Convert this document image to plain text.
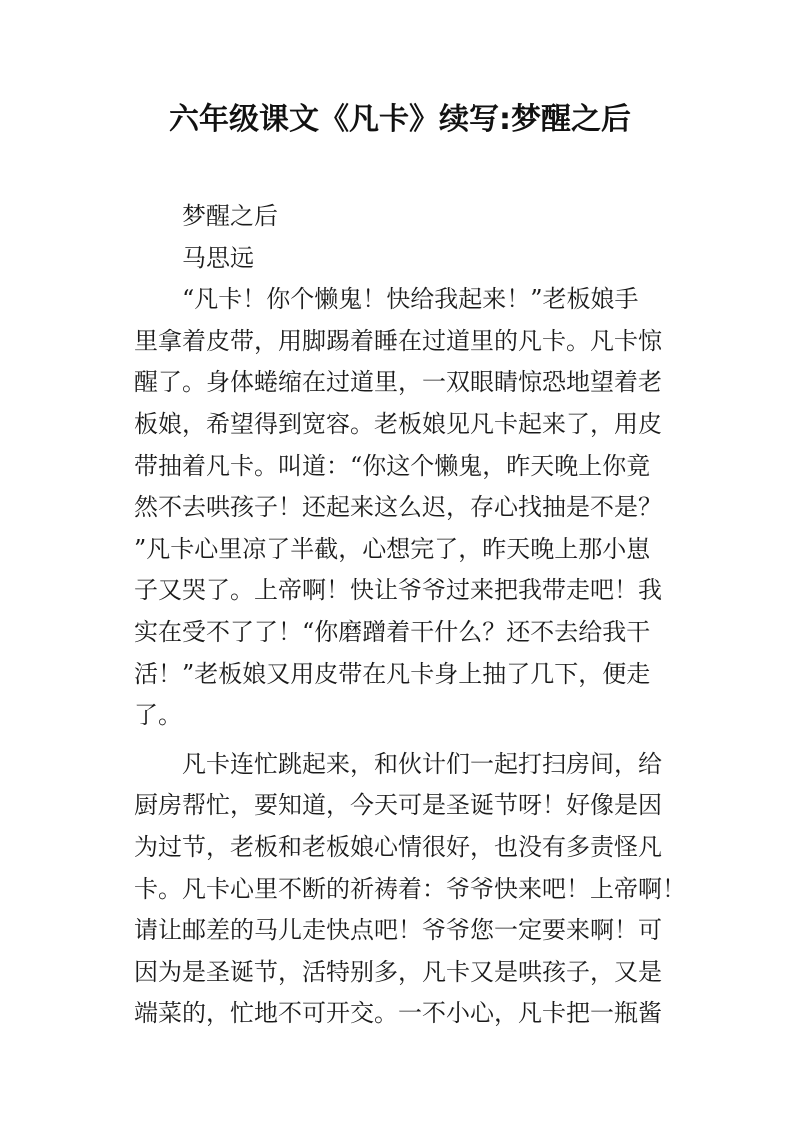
六年级课文《凡卡》续写:梦醒之后
梦醒之后
马思远
“凡卡！你个懒鬼！快给我起来！”老板娘手
里拿着皮带，用脚踢着睡在过道里的凡卡。凡卡惊
醒了。身体蜷缩在过道里，一双眼睛惊恐地望着老
板娘，希望得到宽容。老板娘见凡卡起来了，用皮
带抽着凡卡。叫道：“你这个懒鬼，昨天晚上你竟
然不去哄孩子！还起来这么迟，存心找抽是不是？
”凡卡心里凉了半截，心想完了，昨天晚上那小崽
子又哭了。上帝啊！快让爷爷过来把我带走吧！我
实在受不了了！“你磨蹭着干什么？还不去给我干
活！”老板娘又用皮带在凡卡身上抽了几下，便走
了。
凡卡连忙跳起来，和伙计们一起打扫房间，给
厨房帮忙，要知道，今天可是圣诞节呀！好像是因
为过节，老板和老板娘心情很好，也没有多责怪凡
卡。凡卡心里不断的祈祷着：爷爷快来吧！上帝啊！
请让邮差的马儿走快点吧！爷爷您一定要来啊！可
因为是圣诞节，活特别多，凡卡又是哄孩子，又是
端菜的，忙地不可开交。一不小心，凡卡把一瓶酱
